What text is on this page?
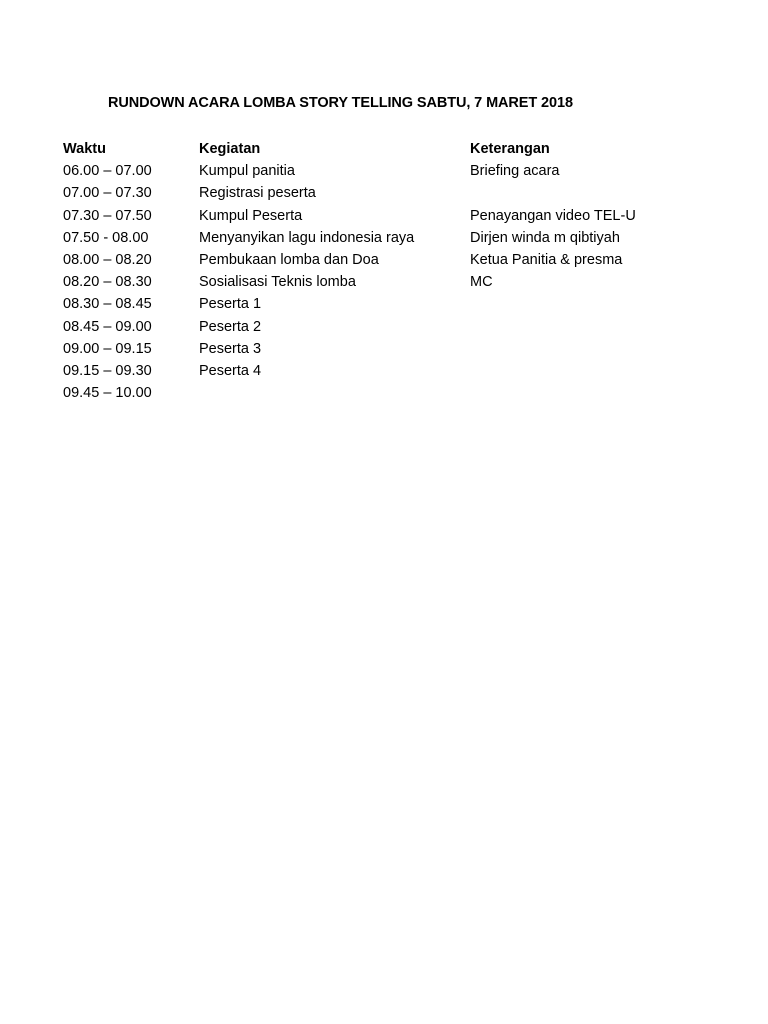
RUNDOWN ACARA LOMBA STORY TELLING SABTU, 7 MARET 2018
Waktu	Kegiatan	Keterangan
06.00 – 07.00	Kumpul panitia	Briefing acara
07.00 – 07.30	Registrasi peserta	
07.30 – 07.50	Kumpul Peserta	Penayangan video TEL-U
07.50 - 08.00	Menyanyikan lagu indonesia raya	Dirjen winda m qibtiyah
08.00 – 08.20	Pembukaan lomba dan Doa	Ketua Panitia & presma
08.20 – 08.30	Sosialisasi Teknis lomba	MC
08.30 – 08.45	Peserta 1	
08.45 – 09.00	Peserta 2	
09.00 – 09.15	Peserta 3	
09.15 – 09.30	Peserta 4	
09.45 – 10.00		
